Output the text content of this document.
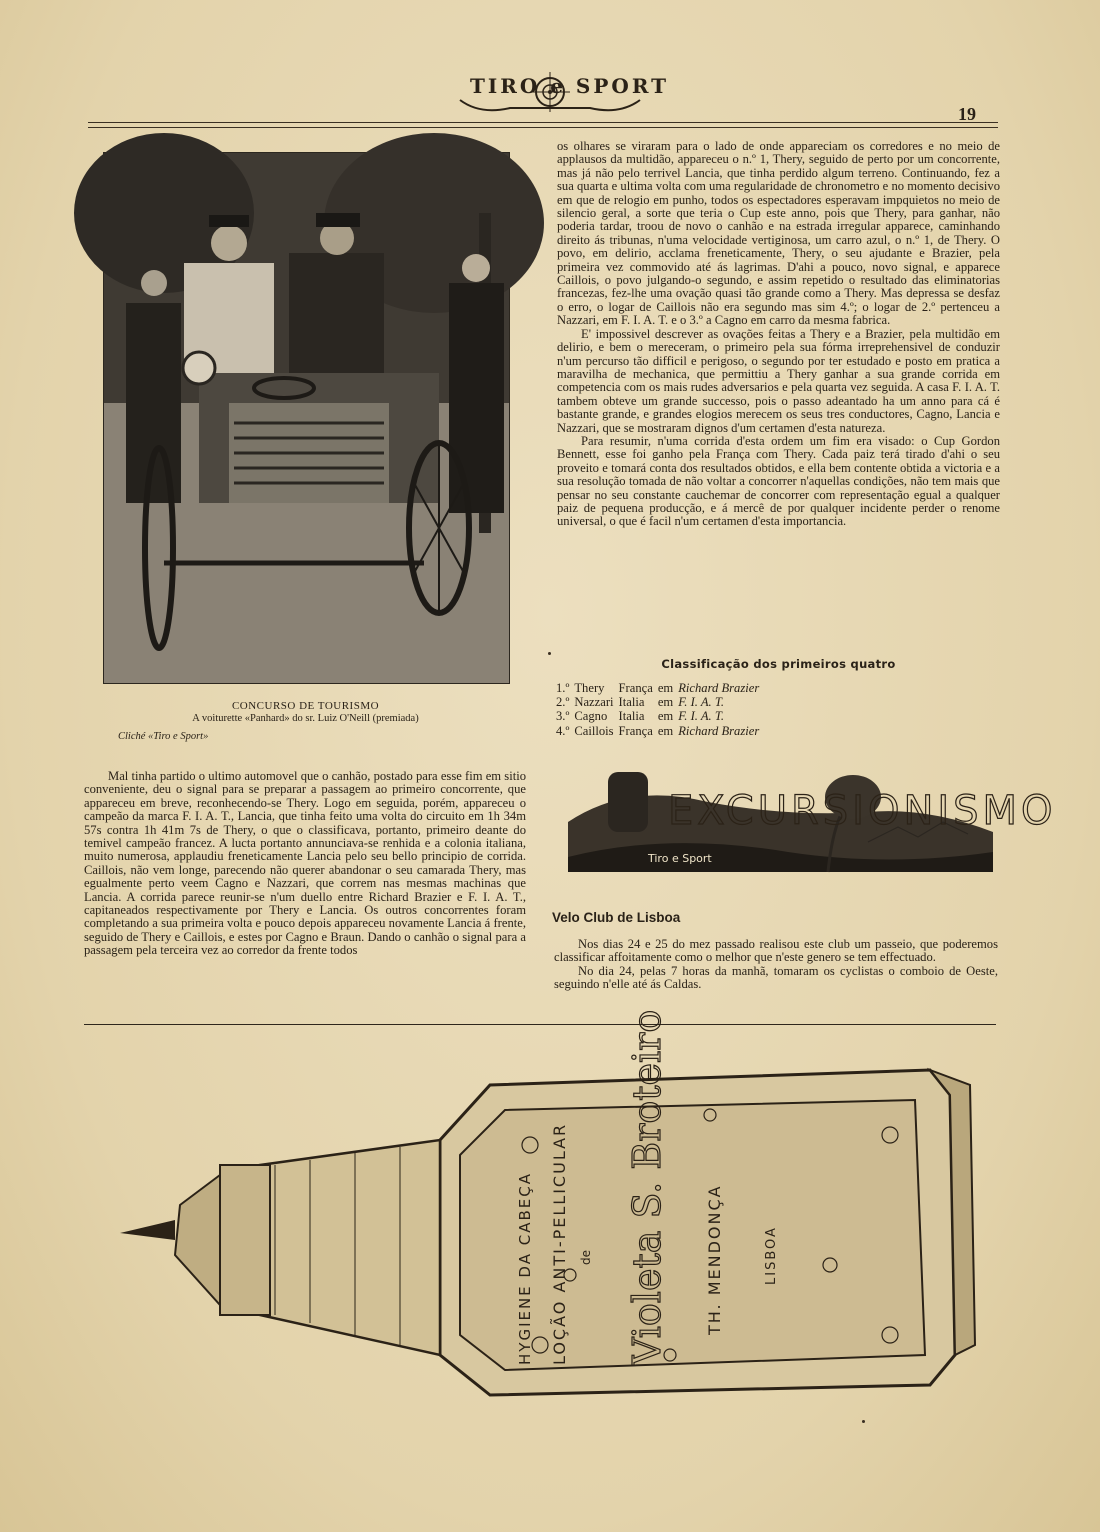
TIRO e SPORT
19
CONCURSO DE TOURISMO
A voiturette «Panhard» do sr. Luiz O'Neill (premiada)
Cliché «Tiro e Sport»

os olhares se viraram para o lado de onde appareciam os corredores e no meio de applausos da multidão, appareceu o n.º 1, Thery, seguido de perto por um concorrente, mas já não pelo terrivel Lancia, que tinha perdido algum terreno. Continuando, fez a sua quarta e ultima volta com uma regularidade de chronometro e no momento decisivo em que de relogio em punho, todos os espectadores esperavam impquietos no meio de silencio geral, a sorte que teria o Cup este anno, pois que Thery, para ganhar, não poderia tardar, troou de novo o canhão e na estrada irregular apparece, caminhando direito ás tribunas, n'uma velocidade vertiginosa, um carro azul, o n.º 1, de Thery. O povo, em delirio, acclama freneticamente, Thery, o seu ajudante e Brazier, pela primeira vez commovido até ás lagrimas. D'ahi a pouco, novo signal, e apparece Caillois, o povo julgando-o segundo, e assim repetido o resultado das eliminatorias francezas, fez-lhe uma ovação quasi tão grande como a Thery. Mas depressa se desfaz o erro, o logar de Caillois não era segundo mas sim 4.º; o logar de 2.º pertenceu a Nazzari, em F. I. A. T. e o 3.º a Cagno em carro da mesma fabrica.

E' impossivel descrever as ovações feitas a Thery e a Brazier, pela multidão em delirio, e bem o mereceram, o primeiro pela sua fórma irreprehensivel de conduzir n'um percurso tão difficil e perigoso, o segundo por ter estudado e posto em pratica a maravilha de mechanica, que permittiu a Thery ganhar a sua grande corrida em competencia com os mais rudes adversarios e pela quarta vez seguida. A casa F. I. A. T. tambem obteve um grande successo, pois o passo adeantado ha um anno para cá é bastante grande, e grandes elogios merecem os seus tres conductores, Cagno, Lancia e Nazzari, que se mostraram dignos d'um certamen d'esta natureza.

Para resumir, n'uma corrida d'esta ordem um fim era visado: o Cup Gordon Bennett, esse foi ganho pela França com Thery. Cada paiz terá tirado d'ahi o seu proveito e tomará conta dos resultados obtidos, e ella bem contente obtida a victoria e a sua resolução tomada de não voltar a concorrer n'aquellas condições, não tem mais que pensar no seu constante cauchemar de concorrer com representação egual a qualquer paiz de pequena producção, e á mercê de por qualquer incidente perder o renome universal, o que é facil n'um certamen d'esta importancia.

Classificação dos primeiros quatro
1.º	Thery	França	em	Richard Brazier
2.º	Nazzari	Italia	em	F. I. A. T.
3.º	Cagno	Italia	em	F. I. A. T.
4.º	Caillois	França	em	Richard Brazier

Mal tinha partido o ultimo automovel que o canhão, postado para esse fim em sitio conveniente, deu o signal para se preparar a passagem ao primeiro concorrente, que appareceu em breve, reconhecendo-se Thery. Logo em seguida, porém, appareceu o campeão da marca F. I. A. T., Lancia, que tinha feito uma volta do circuito em 1h 34m 57s contra 1h 41m 7s de Thery, o que o classificava, portanto, primeiro deante do temivel campeão francez. A lucta portanto annunciava-se renhida e a colonia italiana, muito numerosa, applaudiu freneticamente Lancia pelo seu bello principio de corrida. Caillois, não vem longe, parecendo não querer abandonar o seu camarada Thery, mas egualmente perto veem Cagno e Nazzari, que correm nas mesmas machinas que Lancia. A corrida parece reunir-se n'um duello entre Richard Brazier e F. I. A. T., capitaneados respectivamente por Thery e Lancia. Os outros concorrentes foram completando a sua primeira volta e pouco depois appareceu novamente Lancia á frente, seguido de Thery e Caillois, e estes por Cagno e Braun. Dando o canhão o signal para a passagem pela terceira vez ao corredor da frente todos

EXCURSIONISMO
Tiro e Sport
Velo Club de Lisboa

Nos dias 24 e 25 do mez passado realisou este club um passeio, que poderemos classificar affoitamente como o melhor que n'este genero se tem effectuado.

No dia 24, pelas 7 horas da manhã, tomaram os cyclistas o comboio de Oeste, seguindo n'elle até ás Caldas.

HYGIENE DA CABEÇA LOÇÃO ANTI-PELLICULAR de Violeta S. Broteiro TH. MENDONÇA	LISBOA
